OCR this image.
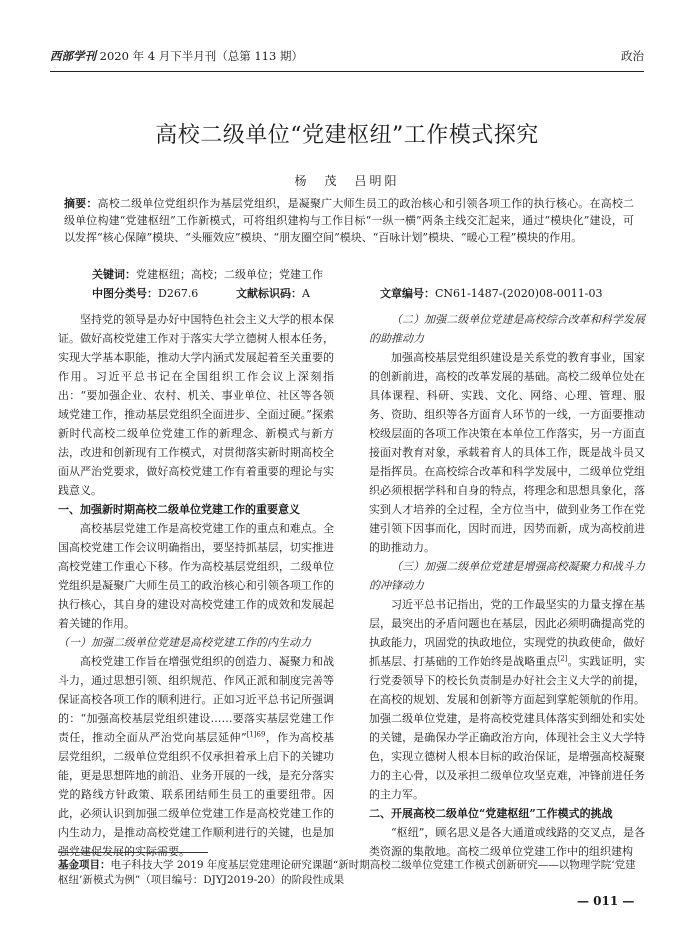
西部学刊 2020 年 4 月下半月刊（总第 113 期）	政治
高校二级单位“党建枢纽”工作模式探究
杨　茂　吕明阳
摘要：高校二级单位党组织作为基层党组织，是凝聚广大师生员工的政治核心和引领各项工作的执行核心。在高校二级单位构建“党建枢纽”工作新模式，可将组织建构与工作目标“一纵一横”两条主线交汇起来，通过“模块化”建设，可以发挥“核心保障”模块、“头雁效应”模块、“朋友圈空间”模块、“百咏计划”模块、“暖心工程”模块的作用。
关键词：党建枢纽；高校；二级单位；党建工作
中图分类号：D267.6	文献标识码：A	文章编号：CN61-1487-(2020)08-0011-03

坚持党的领导是办好中国特色社会主义大学的根本保证。做好高校党建工作对于落实大学立德树人根本任务，实现大学基本职能，推动大学内涵式发展起着至关重要的作用。习近平总书记在全国组织工作会议上深刻指出：“要加强企业、农村、机关、事业单位、社区等各领域党建工作，推动基层党组织全面进步、全面过硬。”探索新时代高校二级单位党建工作的新理念、新模式与新方法，改进和创新现有工作模式，对贯彻落实新时期高校全面从严治党要求，做好高校党建工作有着重要的理论与实践意义。

一、加强新时期高校二级单位党建工作的重要意义

高校基层党建工作是高校党建工作的重点和难点。全国高校党建工作会议明确指出，要坚持抓基层，切实推进高校党建工作重心下移。作为高校基层党组织，二级单位党组织是凝聚广大师生员工的政治核心和引领各项工作的执行核心，其自身的建设对高校党建工作的成效和发展起着关键的作用。

（一）加强二级单位党建是高校党建工作的内生动力

高校党建工作旨在增强党组织的创造力、凝聚力和战斗力，通过思想引领、组织规范、作风正派和制度完善等保证高校各项工作的顺利进行。正如习近平总书记所强调的：“加强高校基层党组织建设……要落实基层党建工作责任，推动全面从严治党向基层延伸”$^{[1]69}$，作为高校基层党组织，二级单位党组织不仅承担着承上启下的关键功能，更是思想阵地的前沿、业务开展的一线，是充分落实党的路线方针政策、联系团结师生员工的重要纽带。因此，必须认识到加强二级单位党建工作是高校党建工作的内生动力，是推动高校党建工作顺利进行的关键，也是加强党建促发展的实际需要。

（二）加强二级单位党建是高校综合改革和科学发展的助推动力

加强高校基层党组织建设是关系党的教育事业，国家的创新前进，高校的改革发展的基础。高校二级单位处在具体课程、科研、实践、文化、网络、心理、管理、服务、资助、组织等各方面育人环节的一线，一方面要推动校级层面的各项工作决策在本单位工作落实，另一方面直接面对教育对象，承载着育人的具体工作，既是战斗员又是指挥员。在高校综合改革和科学发展中，二级单位党组织必须根据学科和自身的特点，将理念和思想具象化，落实到人才培养的全过程，全方位当中，做到业务工作在党建引领下因事而化，因时而进，因势而新，成为高校前进的助推动力。

（三）加强二级单位党建是增强高校凝聚力和战斗力的冲锋动力

习近平总书记指出，党的工作最坚实的力量支撑在基层，最突出的矛盾问题也在基层，因此必须明确提高党的执政能力，巩固党的执政地位，实现党的执政使命，做好抓基层、打基础的工作始终是战略重点[2]。实践证明，实行党委领导下的校长负责制是办好社会主义大学的前提，在高校的规划、发展和创新等方面起到掌舵领航的作用。加强二级单位党建，是将高校党建具体落实到细处和实处的关键，是确保办学正确政治方向，体现社会主义大学特色，实现立德树人根本目标的政治保证，是增强高校凝聚力的主心骨，以及承担二级单位攻坚克难，冲锋前进任务的主力军。

二、开展高校二级单位“党建枢纽”工作模式的挑战

“枢纽”，顾名思义是各大通道或线路的交叉点，是各类资源的集散地。高校二级单位党建工作中的组织建构

基金项目：电子科技大学 2019 年度基层党建理论研究课题“新时期高校二级单位党建工作模式创新研究——以物理学院‘党建枢纽’新模式为例”（项目编号：DJYJ2019-20）的阶段性成果
— 011 —
